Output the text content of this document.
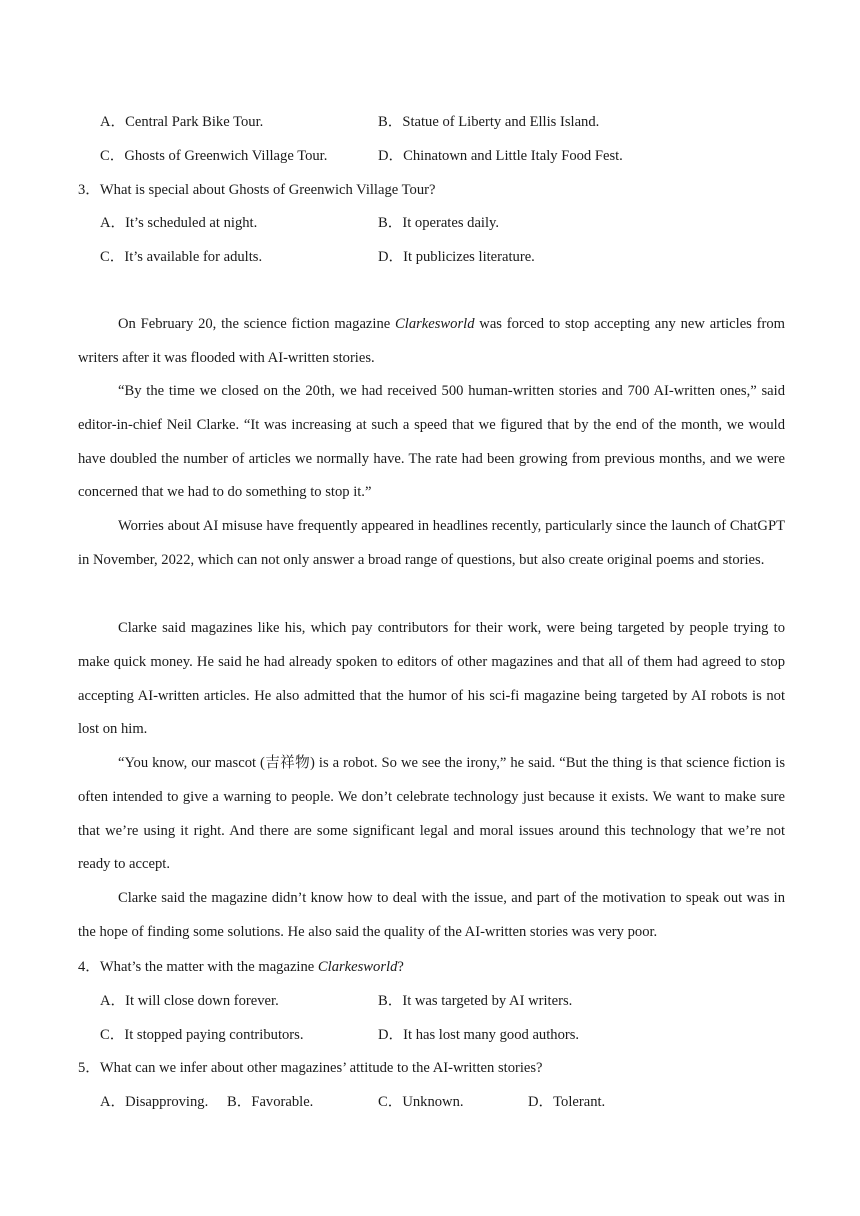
A．Central Park Bike Tour.	B．Statue of Liberty and Ellis Island.
C．Ghosts of Greenwich Village Tour.	D．Chinatown and Little Italy Food Fest.
3．What is special about Ghosts of Greenwich Village Tour?
A．It’s scheduled at night.	B．It operates daily.
C．It’s available for adults.	D．It publicizes literature.

On February 20, the science fiction magazine Clarkesworld was forced to stop accepting any new articles from writers after it was flooded with AI-written stories.

“By the time we closed on the 20th, we had received 500 human-written stories and 700 AI-written ones,” said editor-in-chief Neil Clarke. “It was increasing at such a speed that we figured that by the end of the month, we would have doubled the number of articles we normally have. The rate had been growing from previous months, and we were concerned that we had to do something to stop it.”

Worries about AI misuse have frequently appeared in headlines recently, particularly since the launch of ChatGPT in November, 2022, which can not only answer a broad range of questions, but also create original poems and stories.

Clarke said magazines like his, which pay contributors for their work, were being targeted by people trying to make quick money. He said he had already spoken to editors of other magazines and that all of them had agreed to stop accepting AI-written articles. He also admitted that the humor of his sci-fi magazine being targeted by AI robots is not lost on him.

“You know, our mascot (吉祥物) is a robot. So we see the irony,” he said. “But the thing is that science fiction is often intended to give a warning to people. We don’t celebrate technology just because it exists. We want to make sure that we’re using it right. And there are some significant legal and moral issues around this technology that we’re not ready to accept.

Clarke said the magazine didn’t know how to deal with the issue, and part of the motivation to speak out was in the hope of finding some solutions. He also said the quality of the AI-written stories was very poor.

4．What’s the matter with the magazine Clarkesworld?
A．It will close down forever.	B．It was targeted by AI writers.
C．It stopped paying contributors.	D．It has lost many good authors.
5．What can we infer about other magazines’ attitude to the AI-written stories?
A．Disapproving. B．Favorable.	C．Unknown.	D．Tolerant.
